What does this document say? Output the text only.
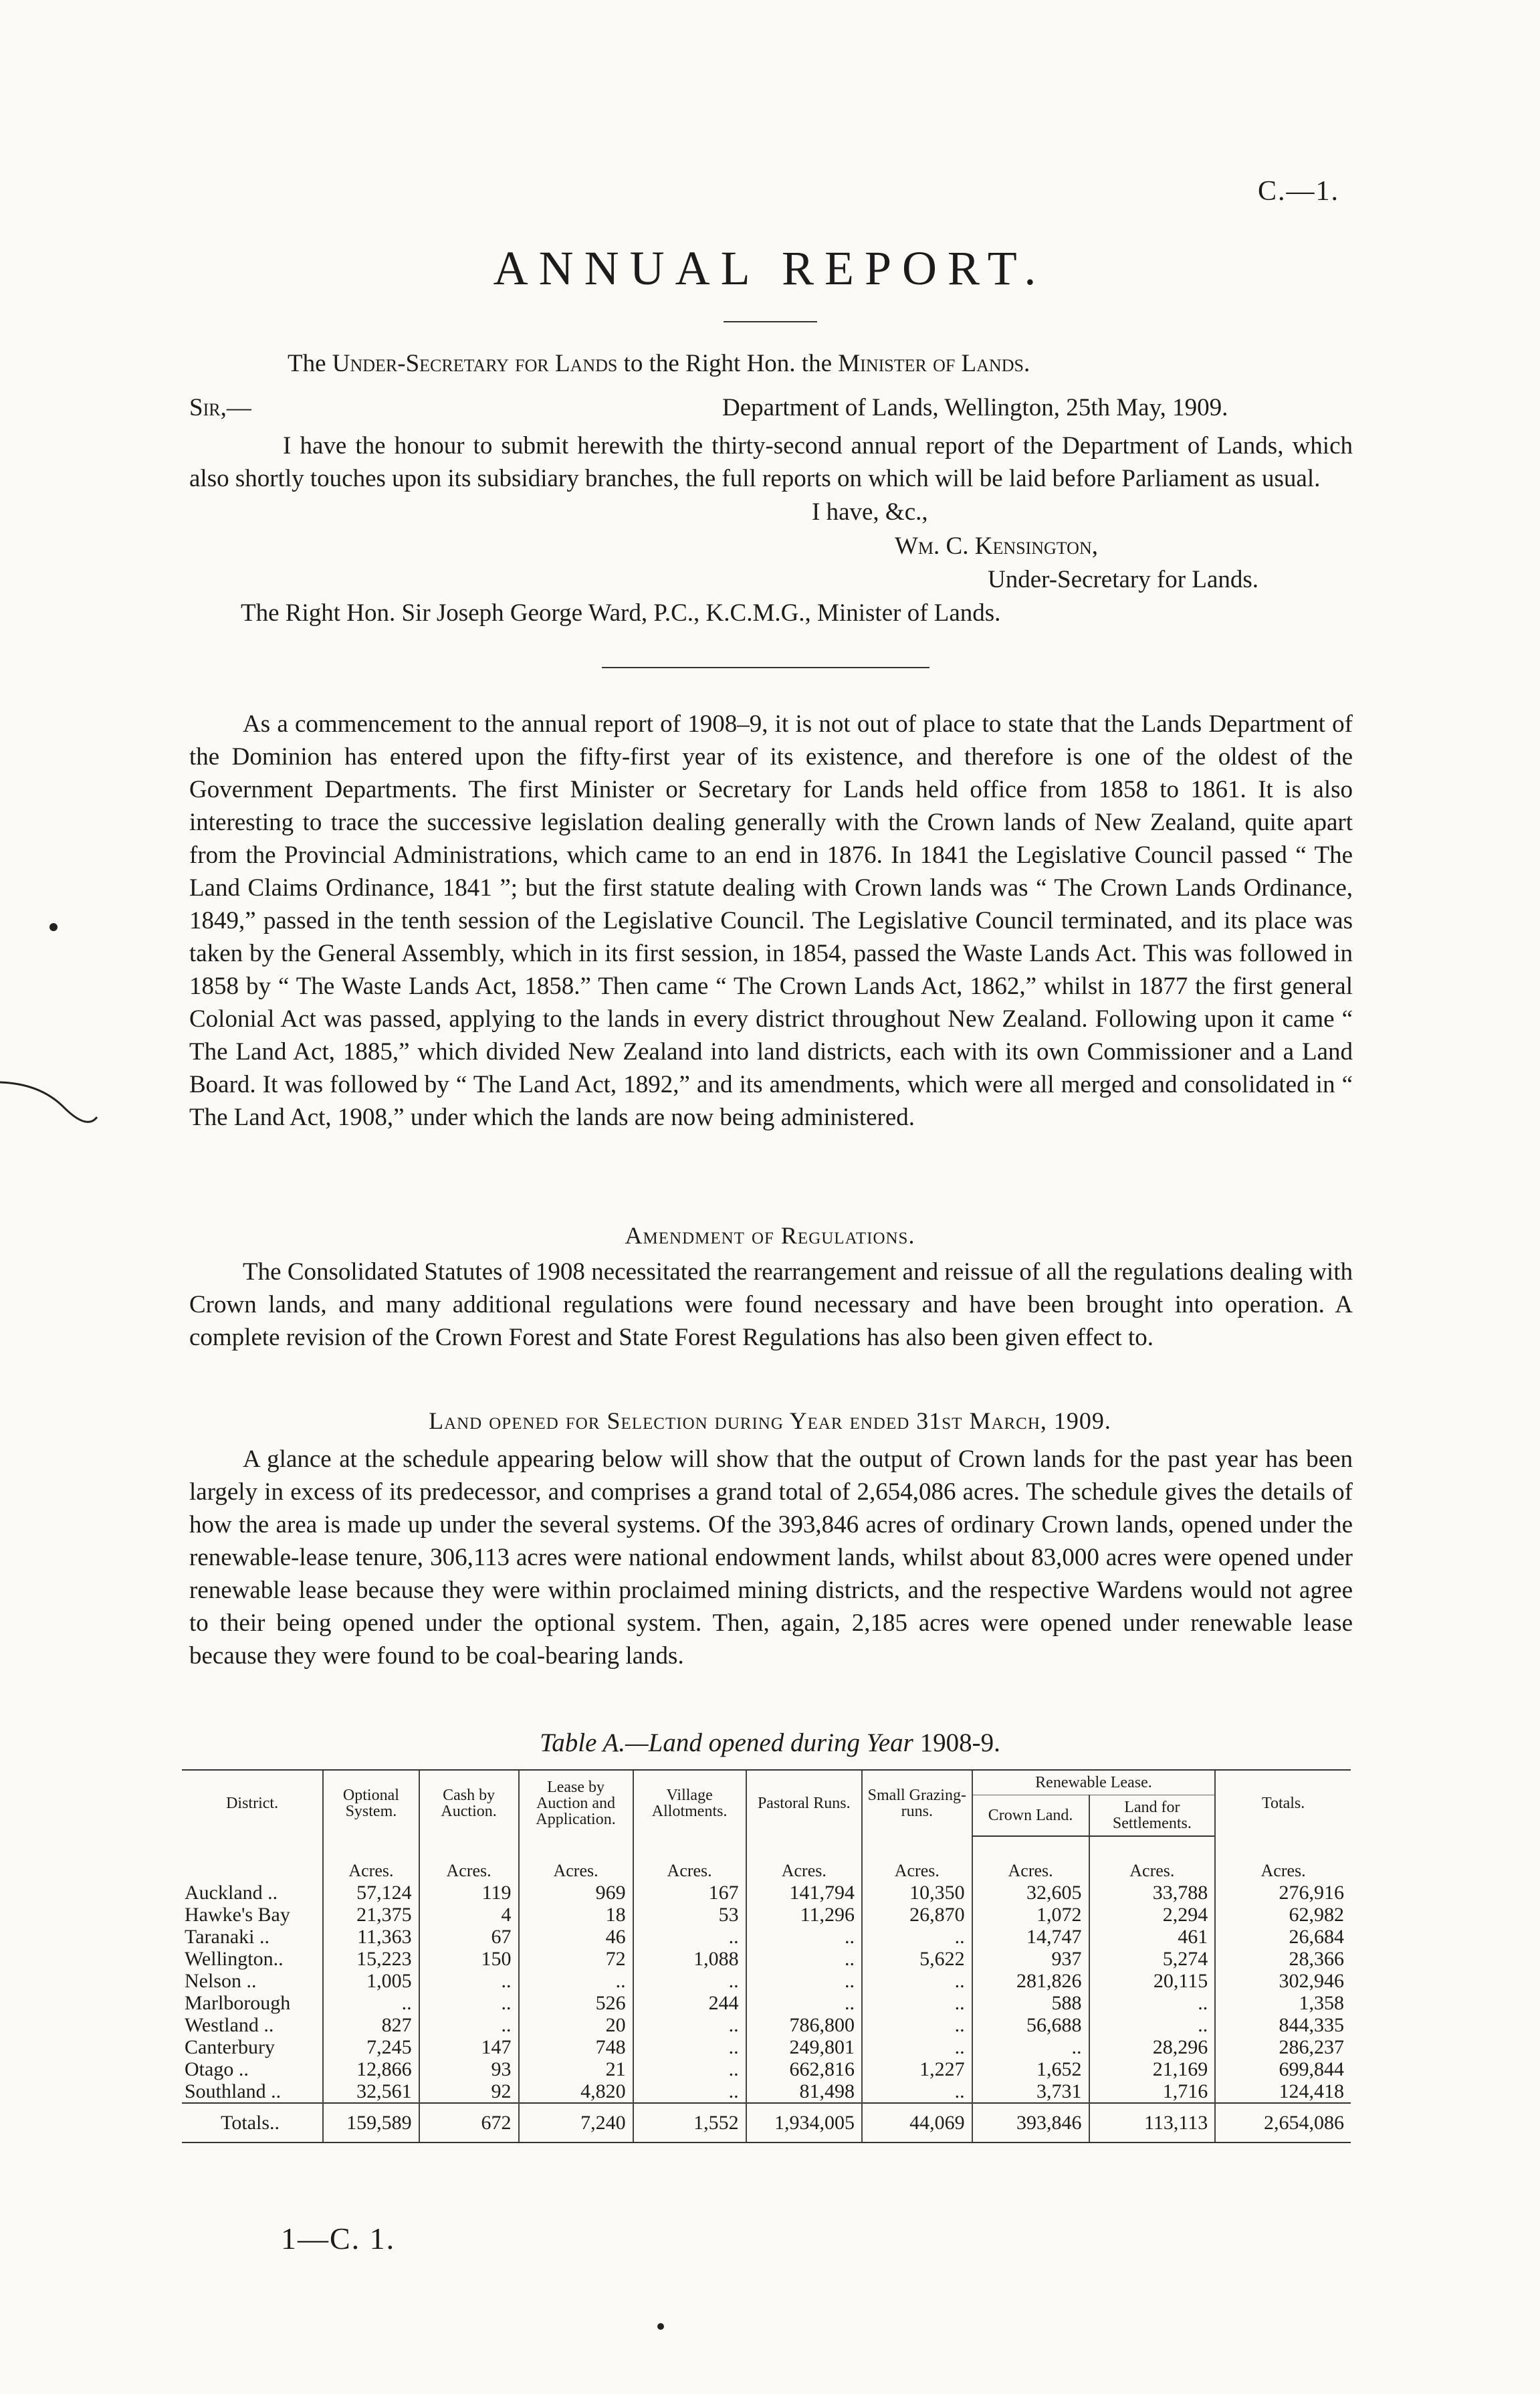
C.—1.
ANNUAL REPORT.
The Under-Secretary for Lands to the Right Hon. the Minister of Lands.
Sir,—	Department of Lands, Wellington, 25th May, 1909.

I have the honour to submit herewith the thirty-second annual report of the Department of Lands, which also shortly touches upon its subsidiary branches, the full reports on which will be laid before Parliament as usual.

I have, &c.,
Wm. C. Kensington,
Under-Secretary for Lands.
The Right Hon. Sir Joseph George Ward, P.C., K.C.M.G., Minister of Lands.

As a commencement to the annual report of 1908–9, it is not out of place to state that the Lands Department of the Dominion has entered upon the fifty-first year of its existence, and therefore is one of the oldest of the Government Departments. The first Minister or Secretary for Lands held office from 1858 to 1861. It is also interesting to trace the successive legislation dealing generally with the Crown lands of New Zealand, quite apart from the Provincial Administrations, which came to an end in 1876. In 1841 the Legislative Council passed “ The Land Claims Ordinance, 1841 ”; but the first statute dealing with Crown lands was “ The Crown Lands Ordinance, 1849,” passed in the tenth session of the Legislative Council. The Legislative Council terminated, and its place was taken by the General Assembly, which in its first session, in 1854, passed the Waste Lands Act. This was followed in 1858 by “ The Waste Lands Act, 1858.” Then came “ The Crown Lands Act, 1862,” whilst in 1877 the first general Colonial Act was passed, applying to the lands in every district throughout New Zealand. Following upon it came “ The Land Act, 1885,” which divided New Zealand into land districts, each with its own Commissioner and a Land Board. It was followed by “ The Land Act, 1892,” and its amendments, which were all merged and consolidated in “ The Land Act, 1908,” under which the lands are now being administered.

Amendment of Regulations.

The Consolidated Statutes of 1908 necessitated the rearrangement and reissue of all the regulations dealing with Crown lands, and many additional regulations were found necessary and have been brought into operation. A complete revision of the Crown Forest and State Forest Regulations has also been given effect to.

Land opened for Selection during Year ended 31st March, 1909.

A glance at the schedule appearing below will show that the output of Crown lands for the past year has been largely in excess of its predecessor, and comprises a grand total of 2,654,086 acres. The schedule gives the details of how the area is made up under the several systems. Of the 393,846 acres of ordinary Crown lands, opened under the renewable-lease tenure, 306,113 acres were national endowment lands, whilst about 83,000 acres were opened under renewable lease because they were within proclaimed mining districts, and the respective Wardens would not agree to their being opened under the optional system. Then, again, 2,185 acres were opened under renewable lease because they were found to be coal-bearing lands.

Table A.—Land opened during Year 1908-9.
District.	Optional System.	Cash by Auction.	Lease by Auction and Application.	Village Allotments.	Pastoral Runs.	Small Grazing-runs.	Renewable Lease.		Totals.
							Crown Land.	Land for Settlements.	
	Acres.	Acres.	Acres.	Acres.	Acres.	Acres.	Acres.	Acres.	Acres.
Auckland ..	57,124	119	969	167	141,794	10,350	32,605	33,788	276,916
Hawke's Bay	21,375	4	18	53	11,296	26,870	1,072	2,294	62,982
Taranaki ..	11,363	67	46	..	..	..	14,747	461	26,684
Wellington..	15,223	150	72	1,088	..	5,622	937	5,274	28,366
Nelson ..	1,005	..	..	..	..	..	281,826	20,115	302,946
Marlborough	..	..	526	244	..	..	588	..	1,358
Westland ..	827	..	20	..	786,800	..	56,688	..	844,335
Canterbury	7,245	147	748	..	249,801	..	..	28,296	286,237
Otago ..	12,866	93	21	..	662,816	1,227	1,652	21,169	699,844
Southland ..	32,561	92	4,820	..	81,498	..	3,731	1,716	124,418
Totals..	159,589	672	7,240	1,552	1,934,005	44,069	393,846	113,113	2,654,086
1—C. 1.
